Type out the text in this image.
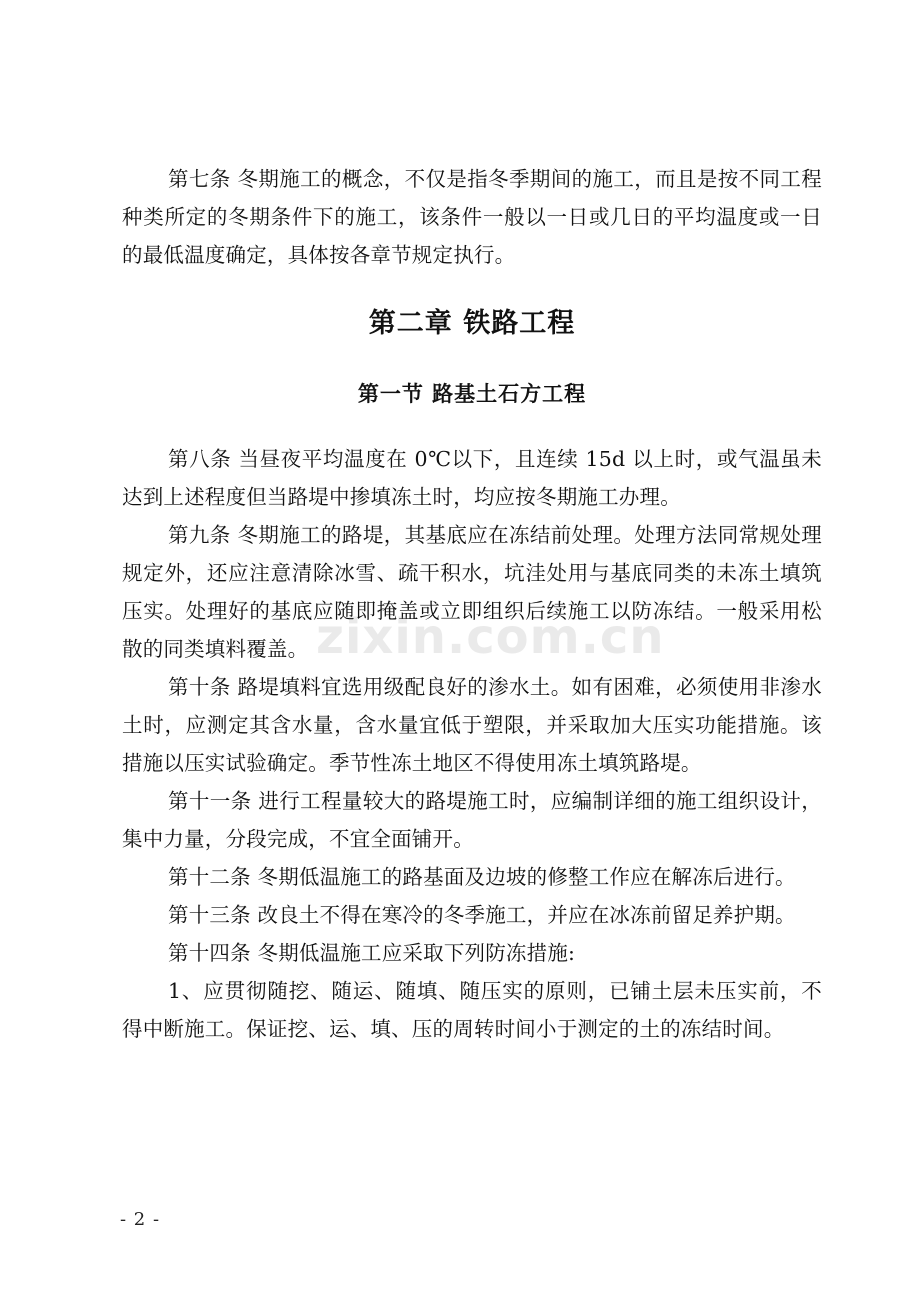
第七条 冬期施工的概念，不仅是指冬季期间的施工，而且是按不同工程种类所定的冬期条件下的施工，该条件一般以一日或几日的平均温度或一日的最低温度确定，具体按各章节规定执行。

第二章 铁路工程
第一节 路基土石方工程

第八条 当昼夜平均温度在 0℃以下，且连续 15d 以上时，或气温虽未达到上述程度但当路堤中掺填冻土时，均应按冬期施工办理。

第九条 冬期施工的路堤，其基底应在冻结前处理。处理方法同常规处理规定外，还应注意清除冰雪、疏干积水，坑洼处用与基底同类的未冻土填筑压实。处理好的基底应随即掩盖或立即组织后续施工以防冻结。一般采用松散的同类填料覆盖。

第十条 路堤填料宜选用级配良好的渗水土。如有困难，必须使用非渗水土时，应测定其含水量，含水量宜低于塑限，并采取加大压实功能措施。该措施以压实试验确定。季节性冻土地区不得使用冻土填筑路堤。

第十一条 进行工程量较大的路堤施工时，应编制详细的施工组织设计，集中力量，分段完成，不宜全面铺开。

第十二条 冬期低温施工的路基面及边坡的修整工作应在解冻后进行。

第十三条 改良土不得在寒冷的冬季施工，并应在冰冻前留足养护期。

第十四条 冬期低温施工应采取下列防冻措施:

1、应贯彻随挖、随运、随填、随压实的原则，已铺土层未压实前，不得中断施工。保证挖、运、填、压的周转时间小于测定的土的冻结时间。

zixin.com.cn
- 2 -
